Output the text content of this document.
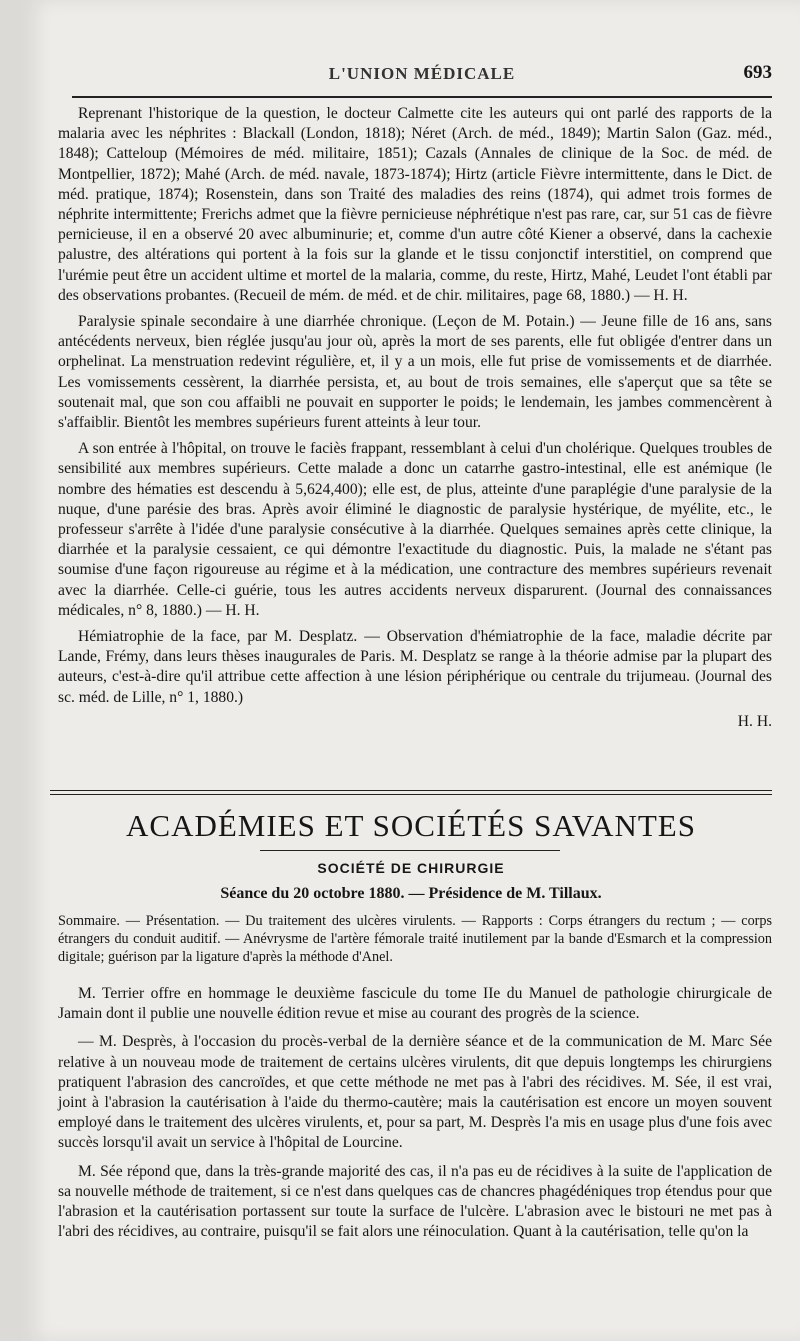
L'UNION MÉDICALE	693

Reprenant l'historique de la question, le docteur Calmette cite les auteurs qui ont parlé des rapports de la malaria avec les néphrites : Blackall (London, 1818); Néret (Arch. de méd., 1849); Martin Salon (Gaz. méd., 1848); Catteloup (Mémoires de méd. militaire, 1851); Cazals (Annales de clinique de la Soc. de méd. de Montpellier, 1872); Mahé (Arch. de méd. navale, 1873-1874); Hirtz (article Fièvre intermittente, dans le Dict. de méd. pratique, 1874); Rosenstein, dans son Traité des maladies des reins (1874), qui admet trois formes de néphrite intermittente; Frerichs admet que la fièvre pernicieuse néphrétique n'est pas rare, car, sur 51 cas de fièvre pernicieuse, il en a observé 20 avec albuminurie; et, comme d'un autre côté Kiener a observé, dans la cachexie palustre, des altérations qui portent à la fois sur la glande et le tissu conjonctif interstitiel, on comprend que l'urémie peut être un accident ultime et mortel de la malaria, comme, du reste, Hirtz, Mahé, Leudet l'ont établi par des observations probantes. (Recueil de mém. de méd. et de chir. militaires, page 68, 1880.) — H. H.

Paralysie spinale secondaire à une diarrhée chronique. (Leçon de M. Potain.) — Jeune fille de 16 ans, sans antécédents nerveux, bien réglée jusqu'au jour où, après la mort de ses parents, elle fut obligée d'entrer dans un orphelinat. La menstruation redevint régulière, et, il y a un mois, elle fut prise de vomissements et de diarrhée. Les vomissements cessèrent, la diarrhée persista, et, au bout de trois semaines, elle s'aperçut que sa tête se soutenait mal, que son cou affaibli ne pouvait en supporter le poids; le lendemain, les jambes commencèrent à s'affaiblir. Bientôt les membres supérieurs furent atteints à leur tour.

A son entrée à l'hôpital, on trouve le faciès frappant, ressemblant à celui d'un cholérique. Quelques troubles de sensibilité aux membres supérieurs. Cette malade a donc un catarrhe gastro-intestinal, elle est anémique (le nombre des hématies est descendu à 5,624,400); elle est, de plus, atteinte d'une paraplégie d'une paralysie de la nuque, d'une parésie des bras. Après avoir éliminé le diagnostic de paralysie hystérique, de myélite, etc., le professeur s'arrête à l'idée d'une paralysie consécutive à la diarrhée. Quelques semaines après cette clinique, la diarrhée et la paralysie cessaient, ce qui démontre l'exactitude du diagnostic. Puis, la malade ne s'étant pas soumise d'une façon rigoureuse au régime et à la médication, une contracture des membres supérieurs revenait avec la diarrhée. Celle-ci guérie, tous les autres accidents nerveux disparurent. (Journal des connaissances médicales, n° 8, 1880.) — H. H.

Hémiatrophie de la face, par M. Desplatz. — Observation d'hémiatrophie de la face, maladie décrite par Lande, Frémy, dans leurs thèses inaugurales de Paris. M. Desplatz se range à la théorie admise par la plupart des auteurs, c'est-à-dire qu'il attribue cette affection à une lésion périphérique ou centrale du trijumeau. (Journal des sc. méd. de Lille, n° 1, 1880.)

H. H.
ACADÉMIES ET SOCIÉTÉS SAVANTES
SOCIÉTÉ DE CHIRURGIE
Séance du 20 octobre 1880. — Présidence de M. Tillaux.

Sommaire. — Présentation. — Du traitement des ulcères virulents. — Rapports : Corps étrangers du rectum ; — corps étrangers du conduit auditif. — Anévrysme de l'artère fémorale traité inutilement par la bande d'Esmarch et la compression digitale; guérison par la ligature d'après la méthode d'Anel.

M. Terrier offre en hommage le deuxième fascicule du tome IIe du Manuel de pathologie chirurgicale de Jamain dont il publie une nouvelle édition revue et mise au courant des progrès de la science.

— M. Desprès, à l'occasion du procès-verbal de la dernière séance et de la communication de M. Marc Sée relative à un nouveau mode de traitement de certains ulcères virulents, dit que depuis longtemps les chirurgiens pratiquent l'abrasion des cancroïdes, et que cette méthode ne met pas à l'abri des récidives. M. Sée, il est vrai, joint à l'abrasion la cautérisation à l'aide du thermo-cautère; mais la cautérisation est encore un moyen souvent employé dans le traitement des ulcères virulents, et, pour sa part, M. Desprès l'a mis en usage plus d'une fois avec succès lorsqu'il avait un service à l'hôpital de Lourcine.

M. Sée répond que, dans la très-grande majorité des cas, il n'a pas eu de récidives à la suite de l'application de sa nouvelle méthode de traitement, si ce n'est dans quelques cas de chancres phagédéniques trop étendus pour que l'abrasion et la cautérisation portassent sur toute la surface de l'ulcère. L'abrasion avec le bistouri ne met pas à l'abri des récidives, au contraire, puisqu'il se fait alors une réinoculation. Quant à la cautérisation, telle qu'on la
